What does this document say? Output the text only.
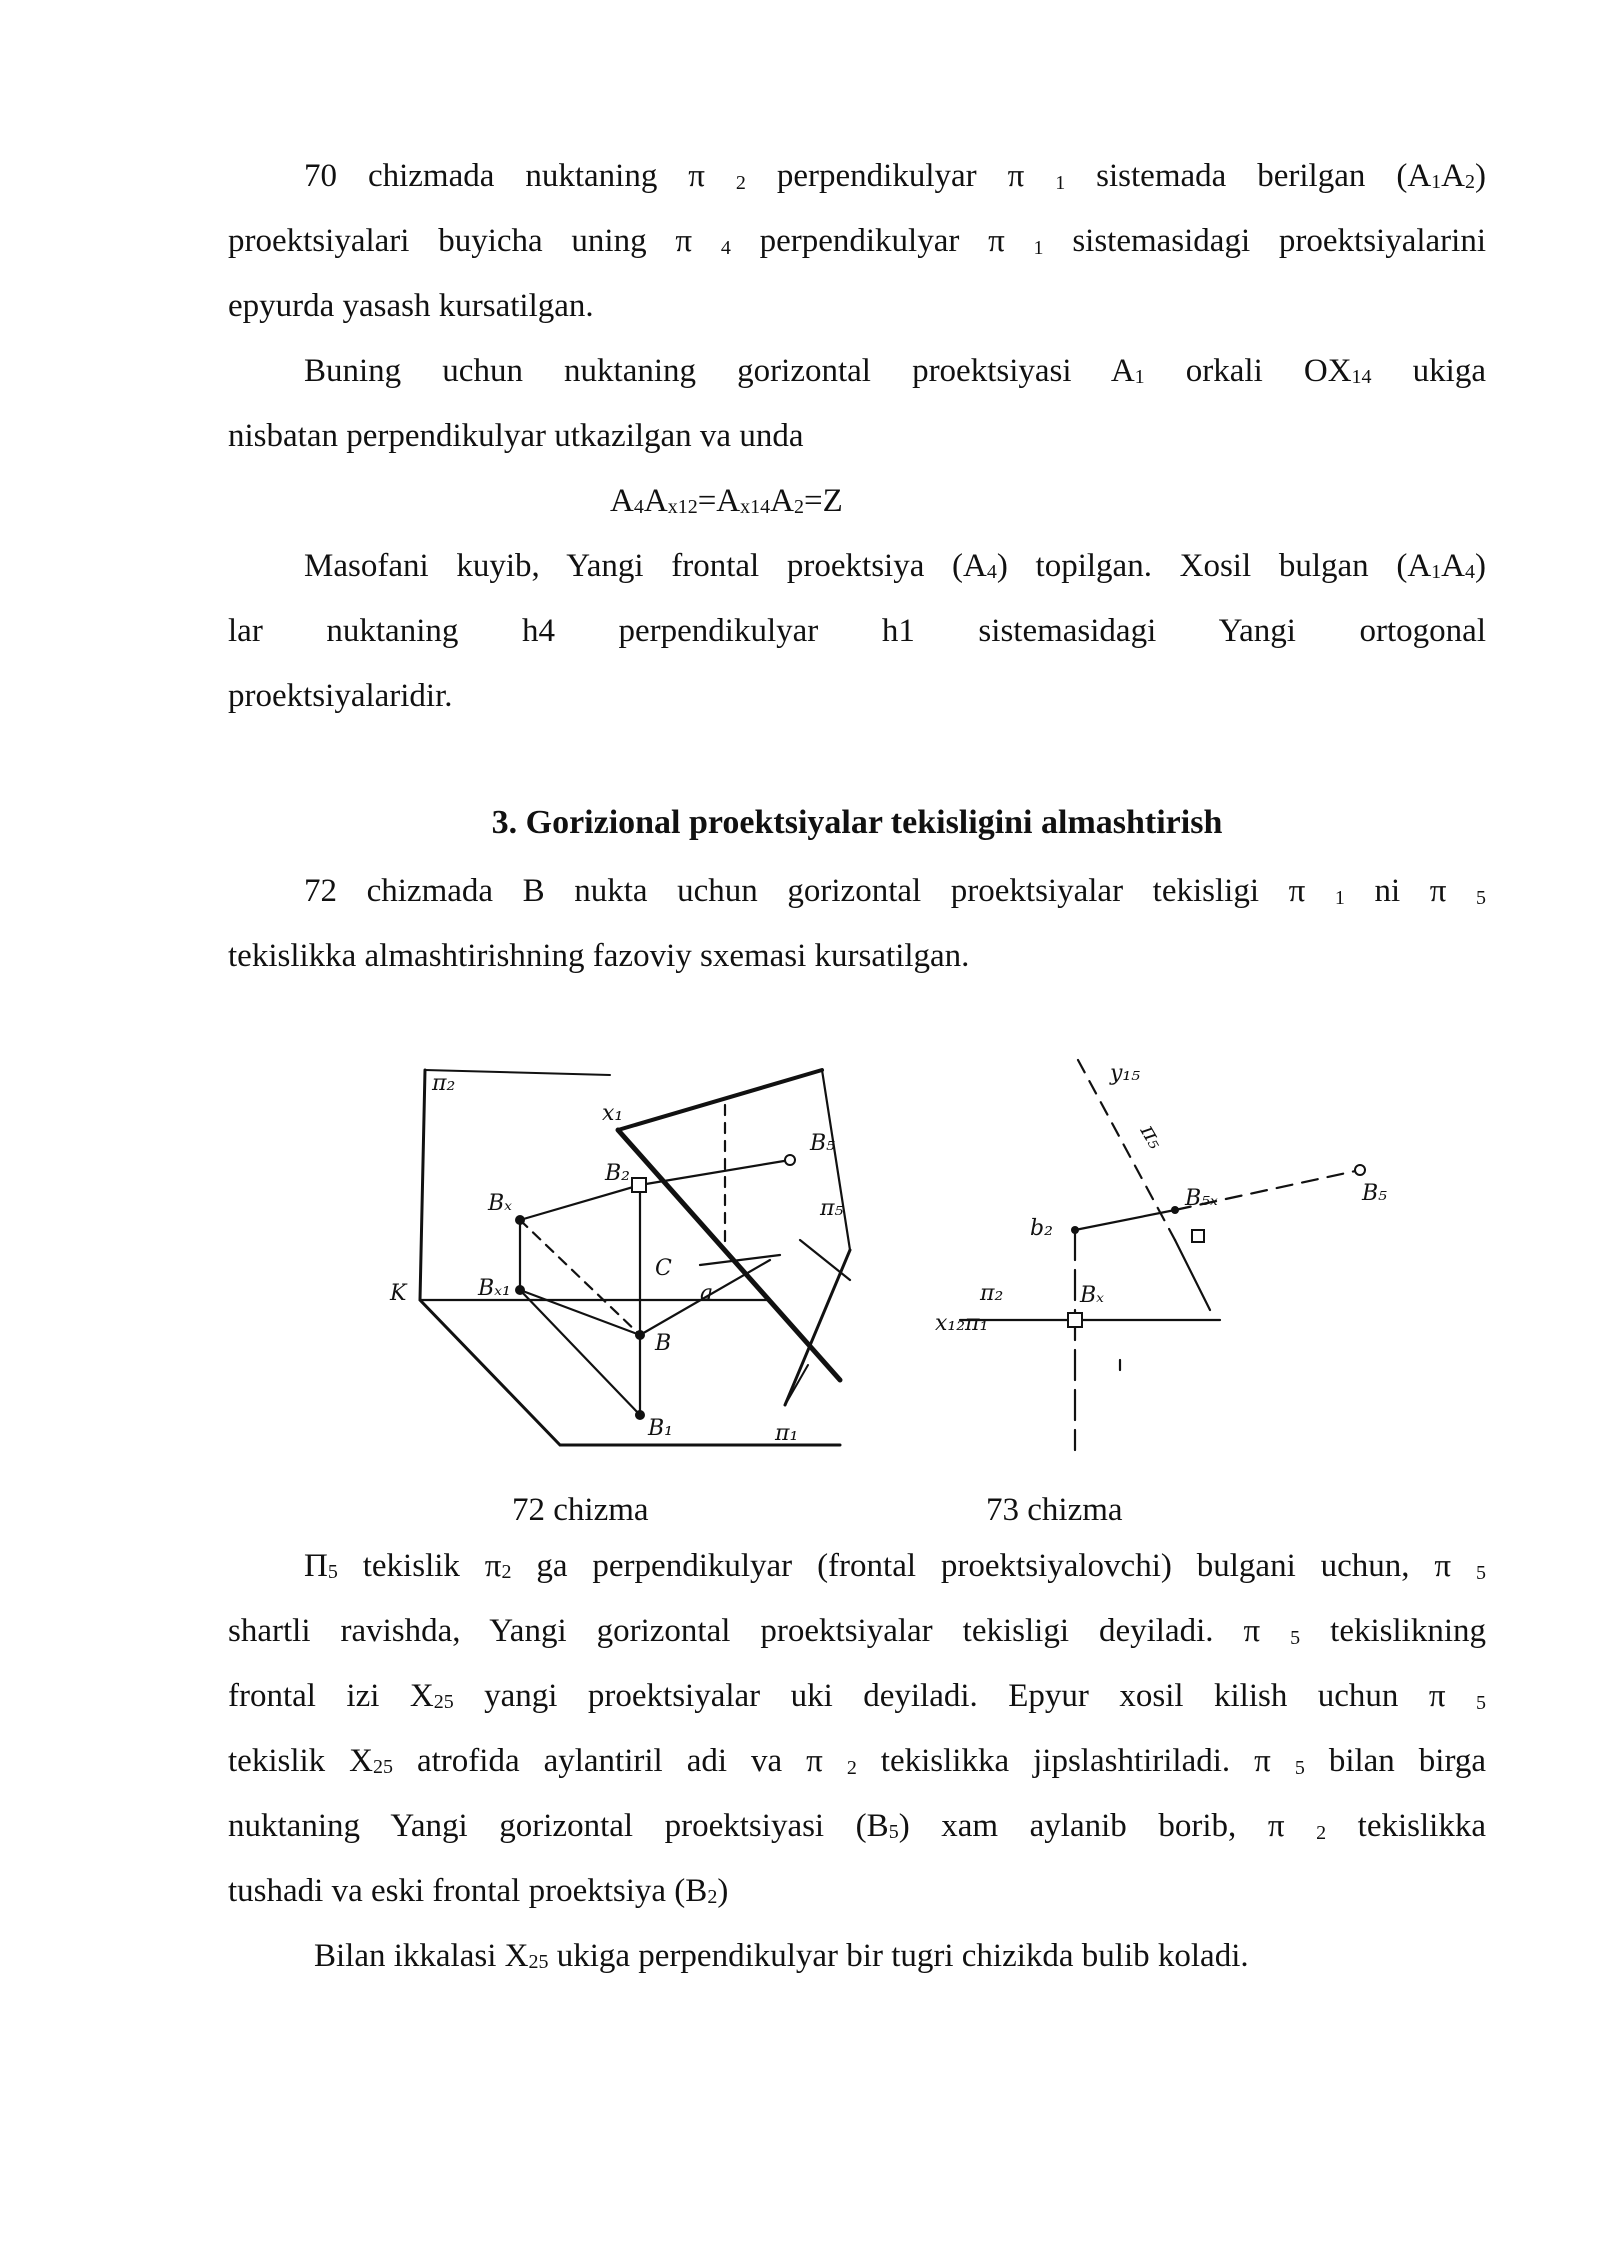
70 chizmada nuktaning π 2 perpendikulyar π 1 sistemada berilgan $(A_1A_2)$
proektsiyalari buyicha uning π 4 perpendikulyar π 1 sistemasidagi proektsiyalarini
epyurda yasash kursatilgan.
Buning uchun nuktaning gorizontal proektsiyasi $A_1$ orkali $OX_{14}$ ukiga
nisbatan perpendikulyar utkazilgan va unda
$A_4A_{x12}=A_{x14}A_2=Z$
Masofani kuyib, Yangi frontal proektsiya $(A_4)$ topilgan. Xosil bulgan $(A_1A_4)$
lar nuktaning h4 perpendikulyar h1 sistemasidagi Yangi ortogonal
proektsiyalaridir.
3. Gorizional proektsiyalar tekisligini almashtirish
72 chizmada B nukta uchun gorizontal proektsiyalar tekisligi π 1 ni π 5
tekislikka almashtirishning fazoviy sxemasi kursatilgan.
π₂
x₁
B₅
B₂
π₅
Bₓ
C
a
B
B₁	π₁
K	Bₓ₁
y₁₅
π₅
B₅ₓ	B₅
b₂
π₂
x₁₂π₁
Bₓ
72 chizma	73 chizma
$\Pi_5$ tekislik $\pi_2$ ga perpendikulyar (frontal proektsiyalovchi) bulgani uchun, π 5
shartli ravishda, Yangi gorizontal proektsiyalar tekisligi deyiladi. π 5 tekislikning
frontal izi $X_{25}$ yangi proektsiyalar uki deyiladi. Epyur xosil kilish uchun π 5
tekislik $X_{25}$ atrofida aylantiril adi va π 2 tekislikka jipslashtiriladi. π 5 bilan birga
nuktaning Yangi gorizontal proektsiyasi $(B_5)$ xam aylanib borib, π 2 tekislikka
tushadi va eski frontal proektsiya $(B_2)$
Bilan ikkalasi $X_{25}$ ukiga perpendikulyar bir tugri chizikda bulib koladi.
